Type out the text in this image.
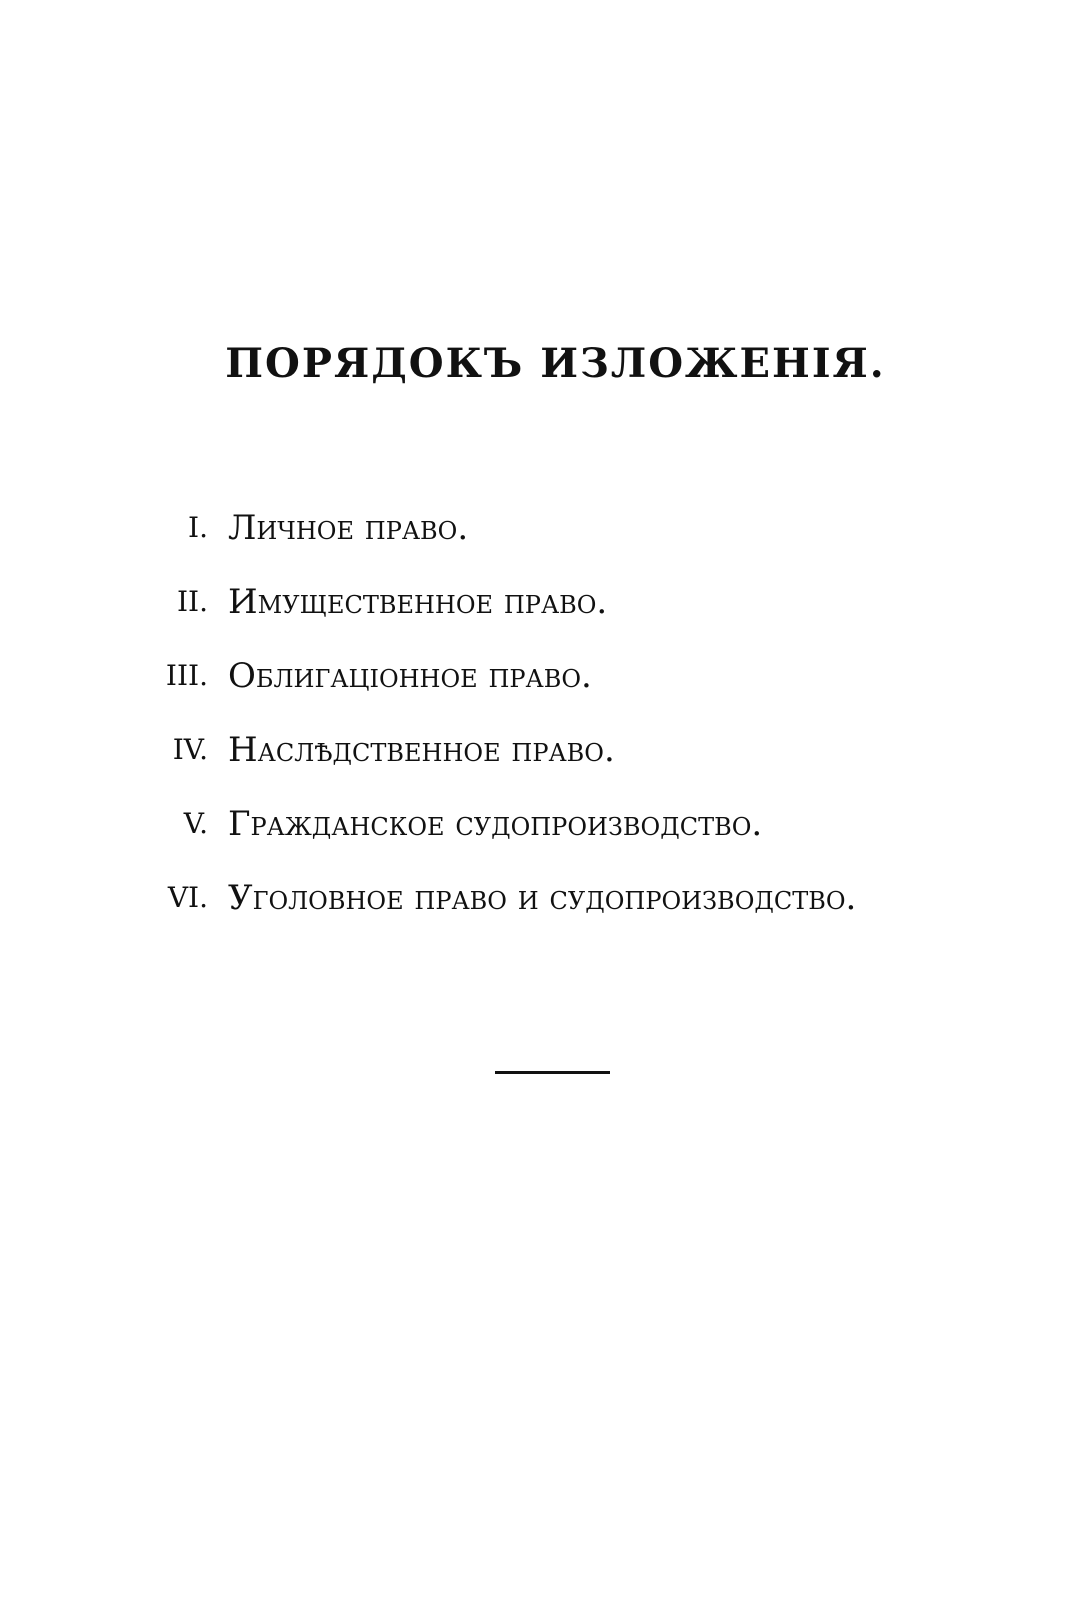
ПОРЯДОКЪ ИЗЛОЖЕНІЯ.
I. Личное право.
II. Имущественное право.
III. Облигаціонное право.
IV. Наслѣдственное право.
V. Гражданское судопроизводство.
VI. Уголовное право и судопроизводство.
